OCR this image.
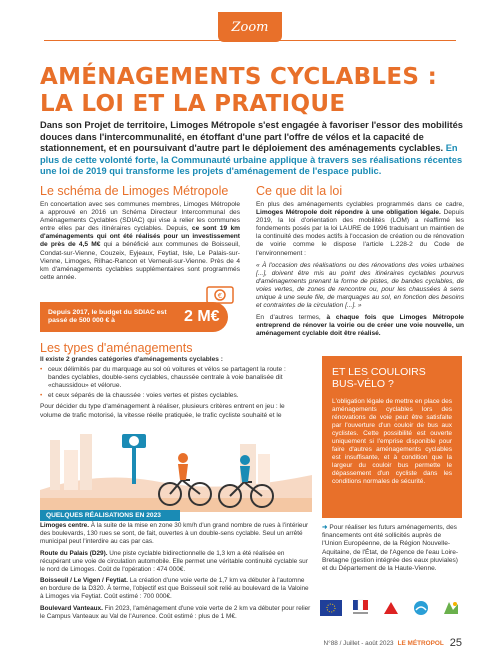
Zoom
AMÉNAGEMENTS CYCLABLES : LA LOI ET LA PRATIQUE
Dans son Projet de territoire, Limoges Métropole s'est engagée à favoriser l'essor des mobilités douces dans l'intercommunalité, en étoffant d'une part l'offre de vélos et la capacité de stationnement, et en poursuivant d'autre part le déploiement des aménagements cyclables. En plus de cette volonté forte, la Communauté urbaine applique à travers ses réalisations récentes une loi de 2019 qui transforme les projets d'aménagement de l'espace public.
Le schéma de Limoges Métropole
En concertation avec ses communes membres, Limoges Métropole a approuvé en 2016 un Schéma Directeur Intercommunal des Aménagements Cyclables (SDIAC) qui vise à relier les communes entre elles par des itinéraires cyclables. Depuis, ce sont 19 km d'aménagements qui ont été réalisés pour un investissement de près de 4,5 M€ qui a bénéficié aux communes de Boisseuil, Condat-sur-Vienne, Couzeix, Eyjeaux, Feytiat, Isle, Le Palais-sur-Vienne, Limoges, Rilhac-Rancon et Verneuil-sur-Vienne. Près de 4 km d'aménagements cyclables supplémentaires sont programmés cette année.
€
Depuis 2017, le budget du SDIAC est passé de 500 000 € à	2 M€
Ce que dit la loi

En plus des aménagements cyclables programmés dans ce cadre, Limoges Métropole doit répondre à une obligation légale. Depuis 2019, la loi d'orientation des mobilités (LOM) a réaffirmé les fondements posés par la loi LAURE de 1996 traduisant un maintien de la continuité des modes actifs à l'occasion de création ou de rénovation de voirie comme le dispose l'article L.228-2 du Code de l'environnement :

« À l'occasion des réalisations ou des rénovations des voies urbaines [...], doivent être mis au point des itinéraires cyclables pourvus d'aménagements prenant la forme de pistes, de bandes cyclables, de voies vertes, de zones de rencontre ou, pour les chaussées à sens unique à une seule file, de marquages au sol, en fonction des besoins et contraintes de la circulation [...]. »

En d'autres termes, à chaque fois que Limoges Métropole entreprend de rénover la voirie ou de créer une voie nouvelle, un aménagement cyclable doit être réalisé.

Les types d'aménagements
Il existe 2 grandes catégories d'aménagements cyclables :
• ceux délimités par du marquage au sol où voitures et vélos se partagent la route : bandes cyclables, double-sens cyclables, chaussée centrale à voie banalisée dit «chaussidou» et vélorue.
• et ceux séparés de la chaussée : voies vertes et pistes cyclables.
Pour décider du type d'aménagement à réaliser, plusieurs critères entrent en jeu : le volume de trafic motorisé, la vitesse réelle pratiquée, le trafic cycliste souhaité et le
QUELQUES RÉALISATIONS EN 2023

Limoges centre. À la suite de la mise en zone 30 km/h d'un grand nombre de rues à l'intérieur des boulevards, 130 rues se sont, de fait, ouvertes à un double-sens cyclable. Seul un arrêté municipal peut l'interdire au cas par cas.

Route du Palais (D29). Une piste cyclable bidirectionnelle de 1,3 km a été réalisée en récupérant une voie de circulation automobile. Elle permet une véritable continuité cyclable sur le nord de Limoges. Coût de l'opération : 474 000€.

Boisseuil / Le Vigen / Feytiat. La création d'une voie verte de 1,7 km va débuter à l'automne en bordure de la D320. À terme, l'objectif est que Boisseuil soit relié au boulevard de la Valoine à Limoges via Feytiat. Coût estimé : 700 000€.

Boulevard Vanteaux. Fin 2023, l'aménagement d'une voie verte de 2 km va débuter pour relier le Campus Vanteaux au Val de l'Aurence. Coût estimé : plus de 1 M€.

ET LES COULOIRS BUS-VÉLO ?

L'obligation légale de mettre en place des aménagements cyclables lors des rénovations de voie peut être satisfaite par l'ouverture d'un couloir de bus aux cyclistes. Cette possibilité est ouverte uniquement si l'emprise disponible pour faire d'autres aménagements cyclables est insuffisante, et à condition que la largeur du couloir bus permette le dépassement d'un cycliste dans les conditions normales de sécurité.

➜ Pour réaliser les futurs aménagements, des financements ont été sollicités auprès de l'Union Européenne, de la Région Nouvelle-Aquitaine, de l'État, de l'Agence de l'eau Loire-Bretagne (gestion intégrée des eaux pluviales) et du Département de la Haute-Vienne.
N°88 / Juillet - août 2023 LE MÉTROPOL 25
